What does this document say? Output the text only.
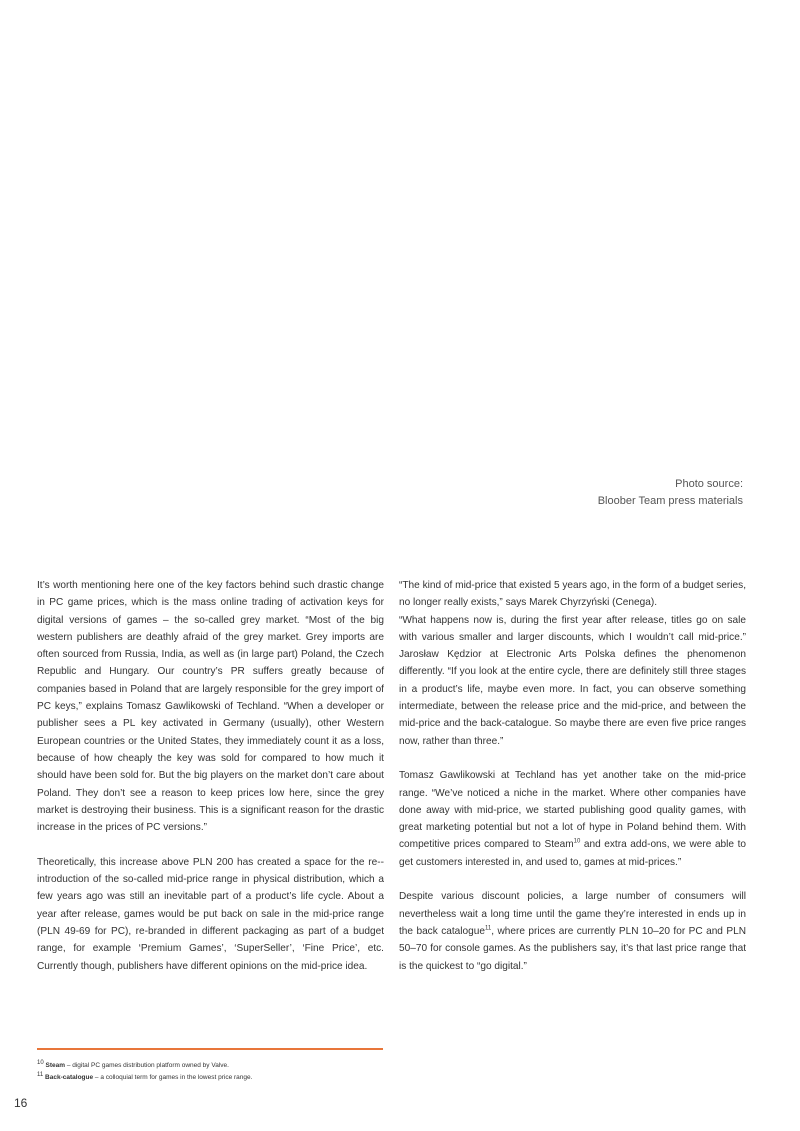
Photo source:
Bloober Team press materials

It’s worth mentioning here one of the key factors behind such drastic change in PC game prices, which is the mass online trading of activation keys for digital versions of games – the so-called grey market. “Most of the big western publishers are deathly afraid of the grey market. Grey imports are often sourced from Russia, India, as well as (in large part) Poland, the Czech Republic and Hungary. Our country’s PR suffers greatly because of companies based in Poland that are largely responsible for the grey import of PC keys,” explains Tomasz Gawlikowski of Techland. “When a developer or publisher sees a PL key activated in Germany (usually), other Western European countries or the United States, they immediately count it as a loss, because of how cheaply the key was sold for compared to how much it should have been sold for. But the big players on the market don’t care about Poland. They don’t see a reason to keep prices low here, since the grey market is destroying their business. This is a significant reason for the drastic increase in the prices of PC versions.”

Theoretically, this increase above PLN 200 has created a space for the re--introduction of the so-called mid-price range in physical distribution, which a few years ago was still an inevitable part of a product’s life cycle. About a year after release, games would be put back on sale in the mid-price range (PLN 49-69 for PC), re-branded in different packaging as part of a budget range, for example ‘Premium Games’, ‘SuperSeller’, ‘Fine Price’, etc. Currently though, publishers have different opinions on the mid-price idea.

“The kind of mid-price that existed 5 years ago, in the form of a budget series, no longer really exists,” says Marek Chyrzyński (Cenega).

“What happens now is, during the first year after release, titles go on sale with various smaller and larger discounts, which I wouldn’t call mid-price.” Jarosław Kędzior at Electronic Arts Polska defines the phenomenon differently. “If you look at the entire cycle, there are definitely still three stages in a product’s life, maybe even more. In fact, you can observe something intermediate, between the release price and the mid-price, and between the mid-price and the back-catalogue. So maybe there are even five price ranges now, rather than three.”

Tomasz Gawlikowski at Techland has yet another take on the mid-price range. “We’ve noticed a niche in the market. Where other companies have done away with mid-price, we started publishing good quality games, with great marketing potential but not a lot of hype in Poland behind them. With competitive prices compared to Steam$^{10}$ and extra add-ons, we were able to get customers interested in, and used to, games at mid-prices.”

Despite various discount policies, a large number of consumers will nevertheless wait a long time until the game they’re interested in ends up in the back catalogue$^{11}$, where prices are currently PLN 10–20 for PC and PLN 50–70 for console games. As the publishers say, it’s that last price range that is the quickest to “go digital.”

$^{10}$ Steam – digital PC games distribution platform owned by Valve.
$^{11}$ Back-catalogue – a colloquial term for games in the lowest price range.
16
